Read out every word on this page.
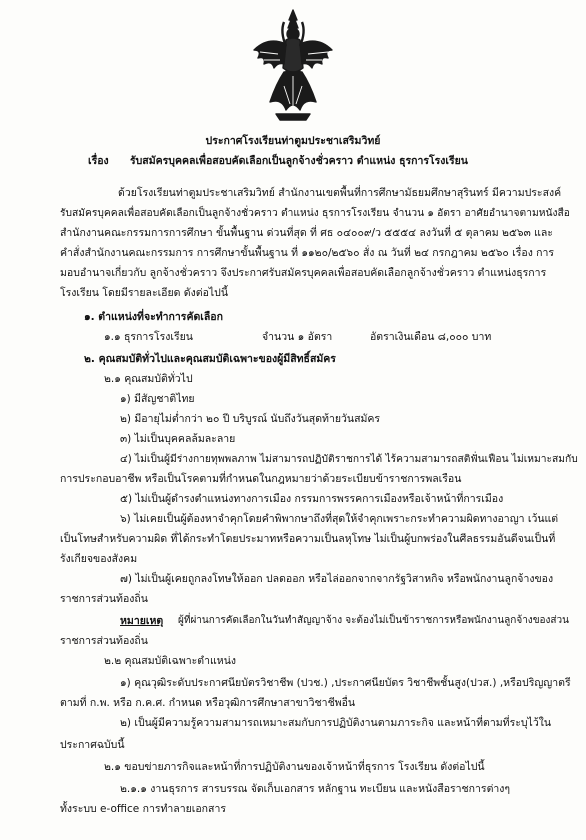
ประกาศโรงเรียนท่าตูมประชาเสริมวิทย์

เรื่อง รับสมัครบุคคลเพื่อสอบคัดเลือกเป็นลูกจ้างชั่วคราว ตำแหน่ง ธุรการโรงเรียน

ด้วยโรงเรียนท่าตูมประชาเสริมวิทย์ สำนักงานเขตพื้นที่การศึกษามัธยมศึกษาสุรินทร์ มีความประสงค์

รับสมัครบุคคลเพื่อสอบคัดเลือกเป็นลูกจ้างชั่วคราว ตำแหน่ง ธุรการโรงเรียน จำนวน ๑ อัตรา อาศัยอำนาจตามหนังสือ

สำนักงานคณะกรรมการการศึกษา ขั้นพื้นฐาน ด่วนที่สุด ที่ ศธ ๐๔๐๐๙/ว ๕๕๕๔ ลงวันที่ ๕ ตุลาคม ๒๕๖๓ และ

คำสั่งสำนักงานคณะกรรมการ การศึกษาขั้นพื้นฐาน ที่ ๑๑๒๐/๒๕๖๐ สั่ง ณ วันที่ ๒๔ กรกฎาคม ๒๕๖๐ เรื่อง การ

มอบอำนาจเกี่ยวกับ ลูกจ้างชั่วคราว จึงประกาศรับสมัครบุคคลเพื่อสอบคัดเลือกลูกจ้างชั่วคราว ตำแหน่งธุรการ

โรงเรียน โดยมีรายละเอียด ดังต่อไปนี้

๑. ตำแหน่งที่จะทำการคัดเลือก

๑.๑ ธุรการโรงเรียน	จำนวน ๑ อัตรา	อัตราเงินเดือน ๘,๐๐๐ บาท

๒. คุณสมบัติทั่วไปและคุณสมบัติเฉพาะของผู้มีสิทธิ์สมัคร

๒.๑ คุณสมบัติทั่วไป

๑) มีสัญชาติไทย

๒) มีอายุไม่ต่ำกว่า ๒๐ ปี บริบูรณ์ นับถึงวันสุดท้ายวันสมัคร

๓) ไม่เป็นบุคคลล้มละลาย

๔) ไม่เป็นผู้มีร่างกายทุพพลภาพ ไม่สามารถปฏิบัติราชการได้ ไร้ความสามารถสติฟั่นเฟือน ไม่เหมาะสมกับ

การประกอบอาชีพ หรือเป็นโรคตามที่กำหนดในกฎหมายว่าด้วยระเบียบข้าราชการพลเรือน

๕) ไม่เป็นผู้ดำรงตำแหน่งทางการเมือง กรรมการพรรคการเมืองหรือเจ้าหน้าที่การเมือง

๖) ไม่เคยเป็นผู้ต้องหาจำคุกโดยคำพิพากษาถึงที่สุดให้จำคุกเพราะกระทำความผิดทางอาญา เว้นแต่

เป็นโทษสำหรับความผิด ที่ได้กระทำโดยประมาทหรือความเป็นลหุโทษ ไม่เป็นผู้บกพร่องในศีลธรรมอันดีจนเป็นที่

รังเกียจของสังคม

๗) ไม่เป็นผู้เคยถูกลงโทษให้ออก ปลดออก หรือไล่ออกจากจากรัฐวิสาหกิจ หรือพนักงานลูกจ้างของ

ราชการส่วนท้องถิ่น

หมายเหตุ ผู้ที่ผ่านการคัดเลือกในวันทำสัญญาจ้าง จะต้องไม่เป็นข้าราชการหรือพนักงานลูกจ้างของส่วน

ราชการส่วนท้องถิ่น

๒.๒ คุณสมบัติเฉพาะตำแหน่ง

๑) คุณวุฒิระดับประกาศนียบัตรวิชาชีพ (ปวช.) ,ประกาศนียบัตร วิชาชีพชั้นสูง(ปวส.) ,หรือปริญญาตรี

ตามที่ ก.พ. หรือ ก.ค.ศ. กำหนด หรือวุฒิการศึกษาสาขาวิชาชีพอื่น

๒) เป็นผู้มีความรู้ความสามารถเหมาะสมกับการปฏิบัติงานตามภาระกิจ และหน้าที่ตามที่ระบุไว้ใน

ประกาศฉบับนี้

๒.๑ ขอบข่ายภารกิจและหน้าที่การปฏิบัติงานของเจ้าหน้าที่ธุรการ โรงเรียน ดังต่อไปนี้

๒.๑.๑ งานธุรการ สารบรรณ จัดเก็บเอกสาร หลักฐาน ทะเบียน และหนังสือราชการต่างๆ

ทั้งระบบ e-office การทำลายเอกสาร
